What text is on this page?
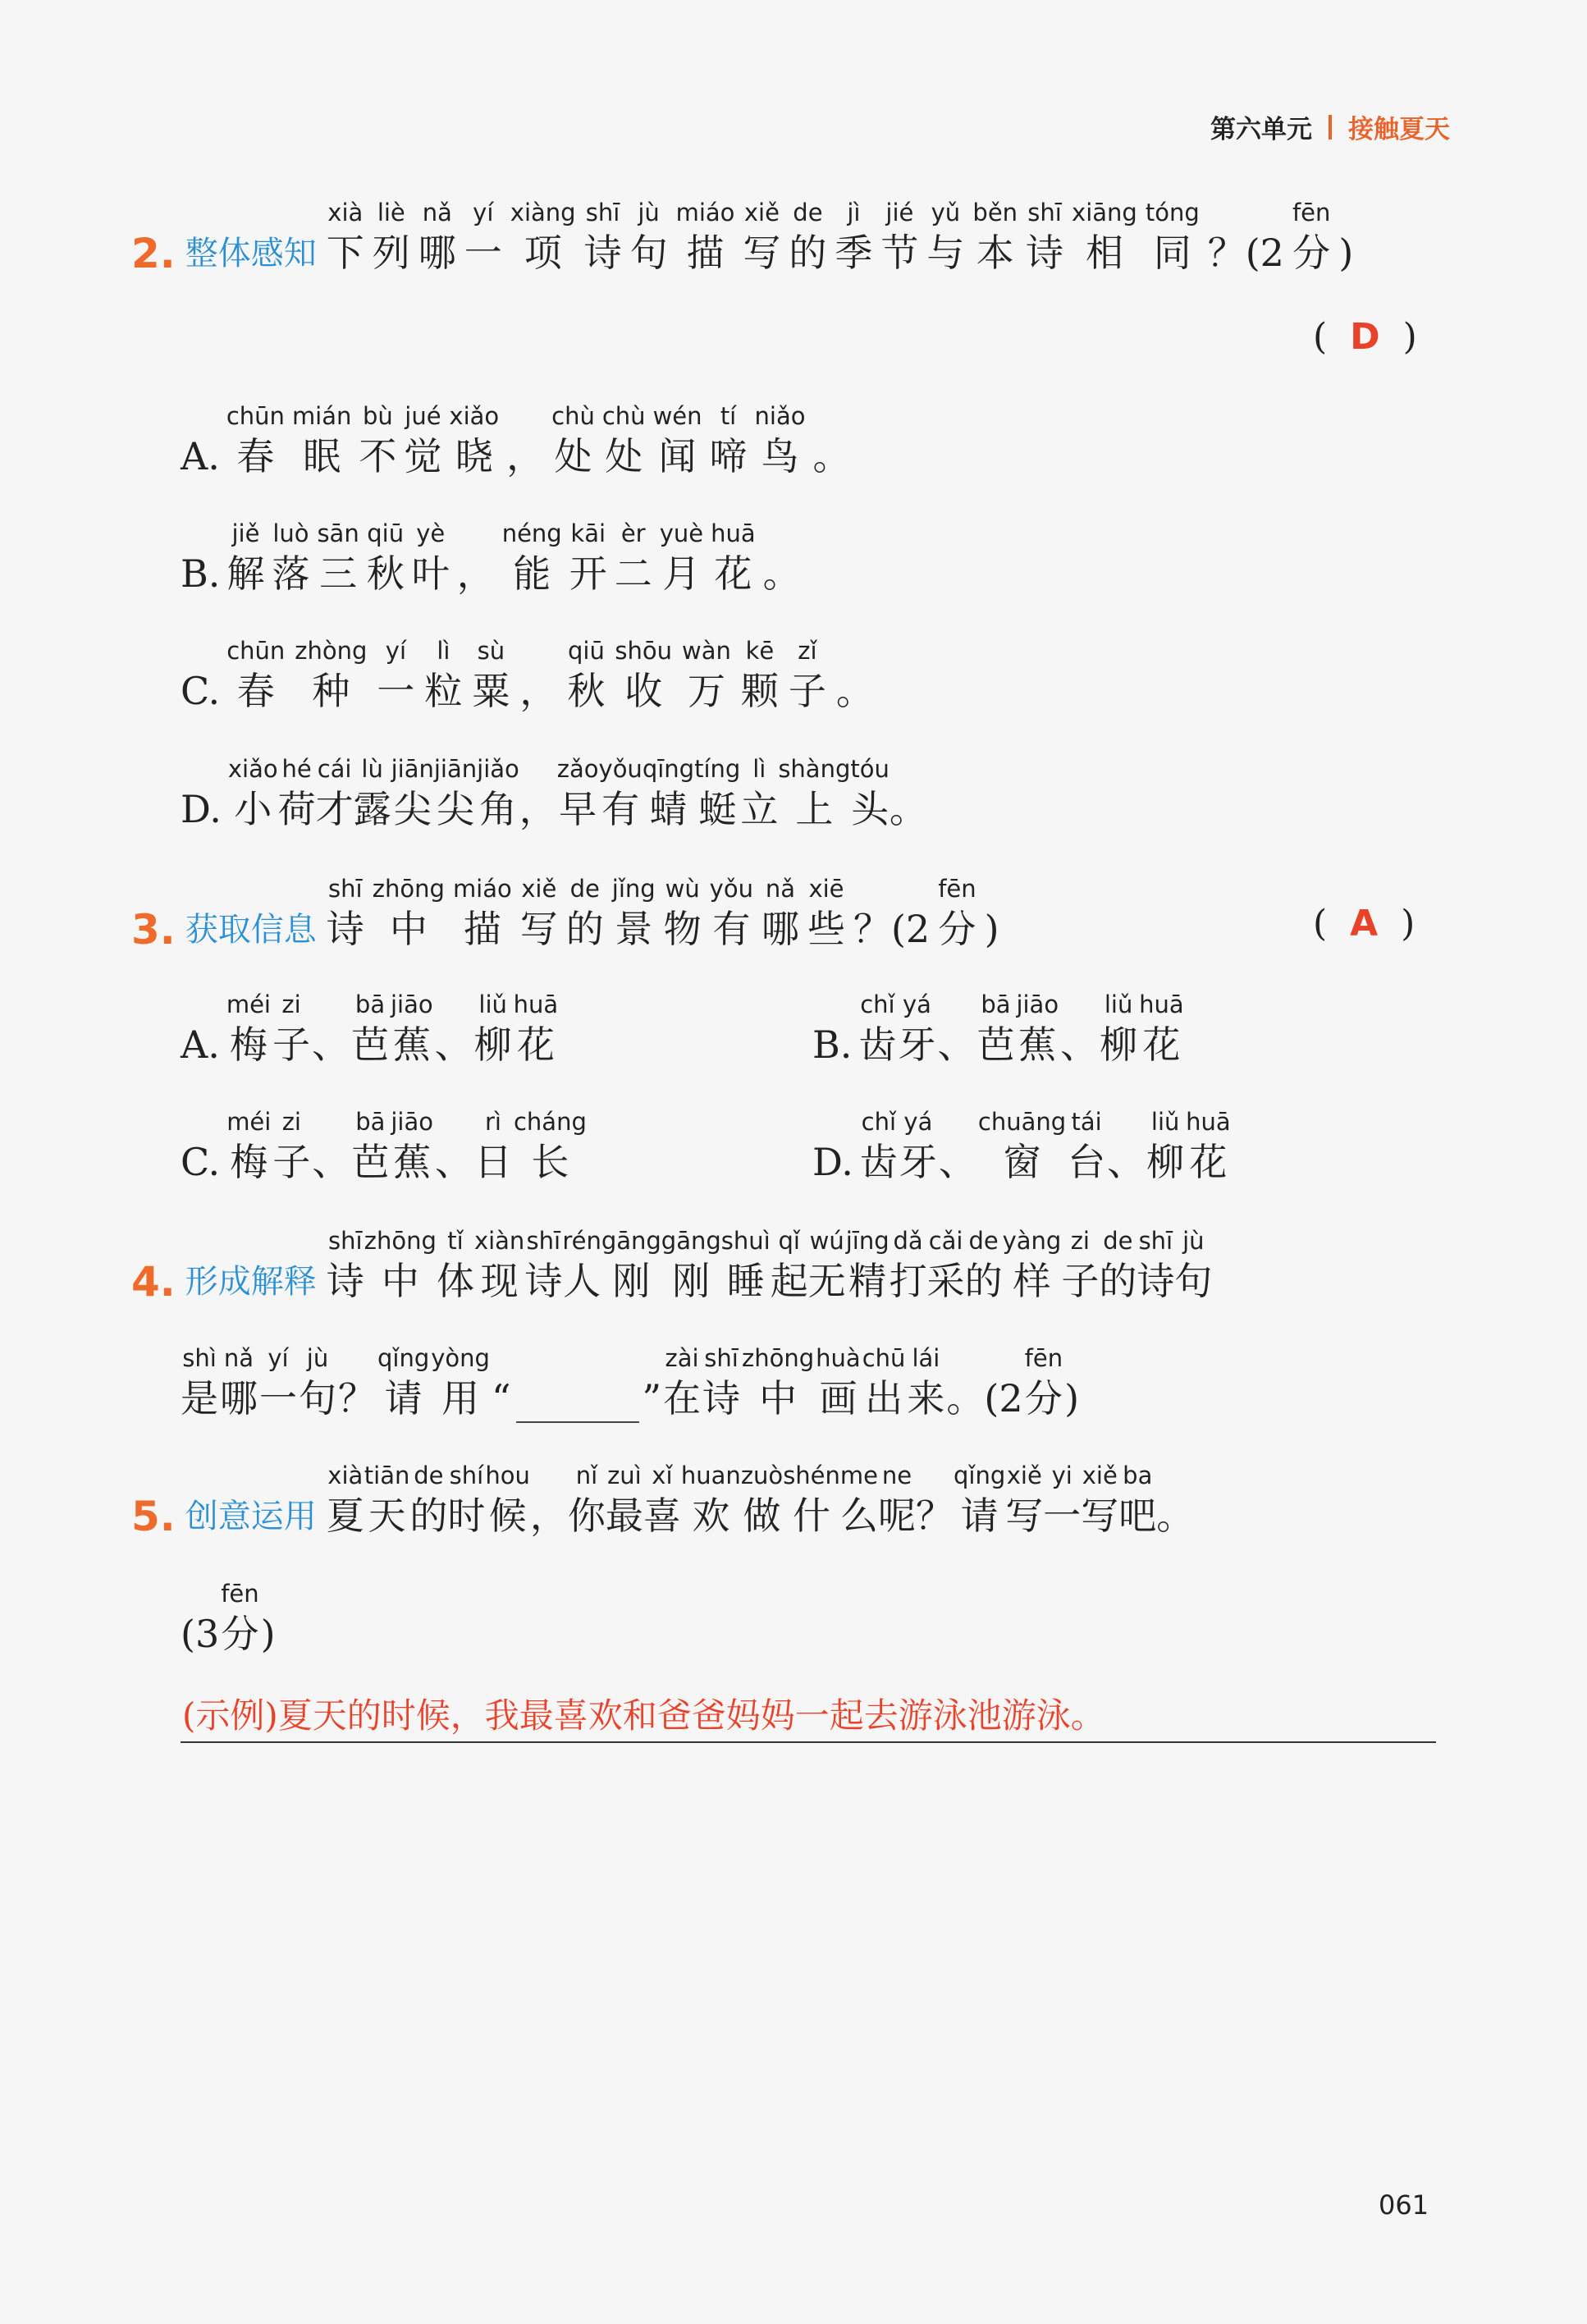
第六单元 接触夏天
2. 整体感知
xià
下
liè
列
nǎ
哪
yí
一
xiàng
项
shī
诗
jù
句
miáo
描
xiě
写
de
的
jì
季
jié
节
yǔ
与
běn
本
shī
诗
xiāng
相
tóng
同 ？(2
fēn
分 )
(  D  )
A.
chūn
春
mián
眠
bù
不
jué
觉
xiǎo
晓 ，
chù
处
chù
处
wén
闻
tí
啼
niǎo
鸟 。
B.
jiě
解
luò
落
sān
三
qiū
秋
yè
叶 ，
néng
能
kāi
开
èr
二
yuè
月
huā
花 。
C.
chūn
春
zhòng
种
yí
一
lì
粒
sù
粟 ，
qiū
秋
shōu
收
wàn
万
kē
颗
zǐ
子 。
D.
xiǎo
小
hé
荷
cái
才
lù
露
jiān
尖
jiān
尖
jiǎo
角 ，
zǎo
早
yǒu
有
qīng
蜻
tíng
蜓
lì
立
shàng
上
tóu
头 。
3. 获取信息
shī
诗
zhōng
中
miáo
描
xiě
写
de
的
jǐng
景
wù
物
yǒu
有
nǎ
哪
xiē
些 ？(2
fēn
分 )	(  A  )
A.
méi
梅
zi
子 、
bā
芭
jiāo
蕉 、
liǔ
柳
huā
花	B.
chǐ
齿
yá
牙 、
bā
芭
jiāo
蕉 、
liǔ
柳
huā
花
C.
méi
梅
zi
子 、
bā
芭
jiāo
蕉 、
rì
日
cháng
长	D.
chǐ
齿
yá
牙 、
chuāng
窗
tái
台 、
liǔ
柳
huā
花
4. 形成解释
shī
诗
zhōng
中
tǐ
体
xiàn
现
shī
诗
rén
人
gāng
刚
gāng
刚
shuì
睡
qǐ
起
wú
无
jīng
精
dǎ
打
cǎi
采
de
的
yàng
样
zi
子
de
的
shī
诗
jù
句
shì
是
nǎ
哪
yí
一
jù
句 ？
qǐng
请
yòng
用 “	”
zài
在
shī
诗
zhōng
中
huà
画
chū
出
lái
来 。(2
fēn
分 )
5. 创意运用
xià
夏
tiān
天
de
的
shí
时
hou
候 ，
nǐ
你
zuì
最
xǐ
喜
huan
欢
zuò
做
shén
什
me
么
ne
呢 ？
qǐng
请
xiě
写
yi
一
xiě
写
ba
吧 。
(3
fēn
分 )
(示例)夏天的时候，我最喜欢和爸爸妈妈一起去游泳池游泳。
061
